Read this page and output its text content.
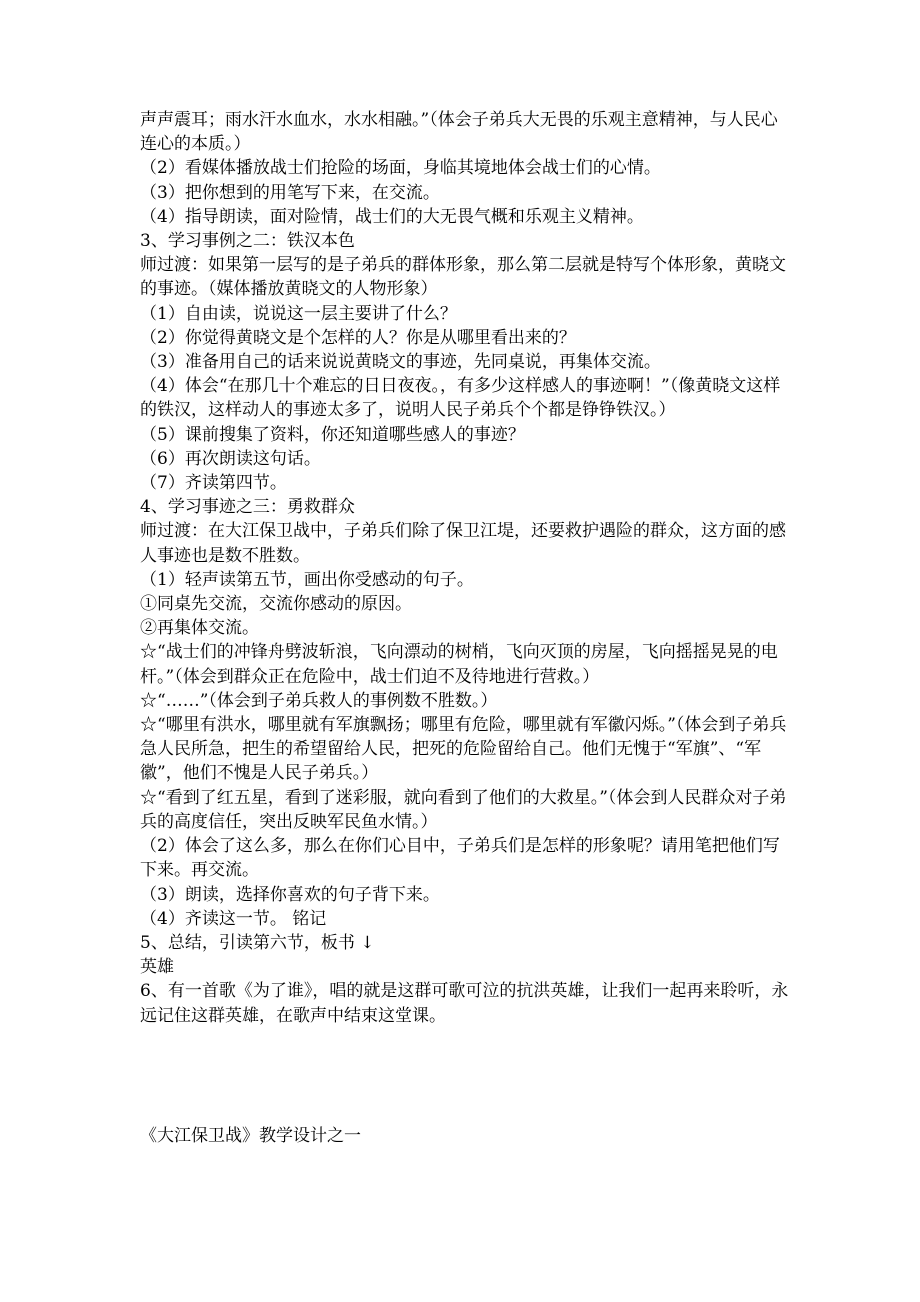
声声震耳；雨水汗水血水，水水相融。”（体会子弟兵大无畏的乐观主意精神，与人民心连心的本质。）

（2）看媒体播放战士们抢险的场面，身临其境地体会战士们的心情。

（3）把你想到的用笔写下来，在交流。

（4）指导朗读，面对险情，战士们的大无畏气概和乐观主义精神。

3、学习事例之二：铁汉本色

师过渡：如果第一层写的是子弟兵的群体形象，那么第二层就是特写个体形象，黄晓文的事迹。（媒体播放黄晓文的人物形象）

（1）自由读，说说这一层主要讲了什么？

（2）你觉得黄晓文是个怎样的人？你是从哪里看出来的？

（3）准备用自己的话来说说黄晓文的事迹，先同桌说，再集体交流。

（4）体会“在那几十个难忘的日日夜夜。，有多少这样感人的事迹啊！”（像黄晓文这样的铁汉，这样动人的事迹太多了，说明人民子弟兵个个都是铮铮铁汉。）

（5）课前搜集了资料，你还知道哪些感人的事迹？

（6）再次朗读这句话。

（7）齐读第四节。

4、学习事迹之三：勇救群众

师过渡：在大江保卫战中，子弟兵们除了保卫江堤，还要救护遇险的群众，这方面的感人事迹也是数不胜数。

（1）轻声读第五节，画出你受感动的句子。

①同桌先交流，交流你感动的原因。

②再集体交流。

☆“战士们的冲锋舟劈波斩浪，飞向漂动的树梢，飞向灭顶的房屋，飞向摇摇晃晃的电杆。”（体会到群众正在危险中，战士们迫不及待地进行营救。）

☆“……”（体会到子弟兵救人的事例数不胜数。）

☆“哪里有洪水，哪里就有军旗飘扬；哪里有危险，哪里就有军徽闪烁。”（体会到子弟兵急人民所急，把生的希望留给人民，把死的危险留给自己。他们无愧于“军旗”、“军徽”，他们不愧是人民子弟兵。）

☆“看到了红五星，看到了迷彩服，就向看到了他们的大救星。”（体会到人民群众对子弟兵的高度信任，突出反映军民鱼水情。）

（2）体会了这么多，那么在你们心目中，子弟兵们是怎样的形象呢？请用笔把他们写下来。再交流。

（3）朗读，选择你喜欢的句子背下来。

（4）齐读这一节。 铭记

5、总结，引读第六节，板书 ↓

英雄

6、有一首歌《为了谁》，唱的就是这群可歌可泣的抗洪英雄，让我们一起再来聆听，永远记住这群英雄，在歌声中结束这堂课。

《大江保卫战》教学设计之一
